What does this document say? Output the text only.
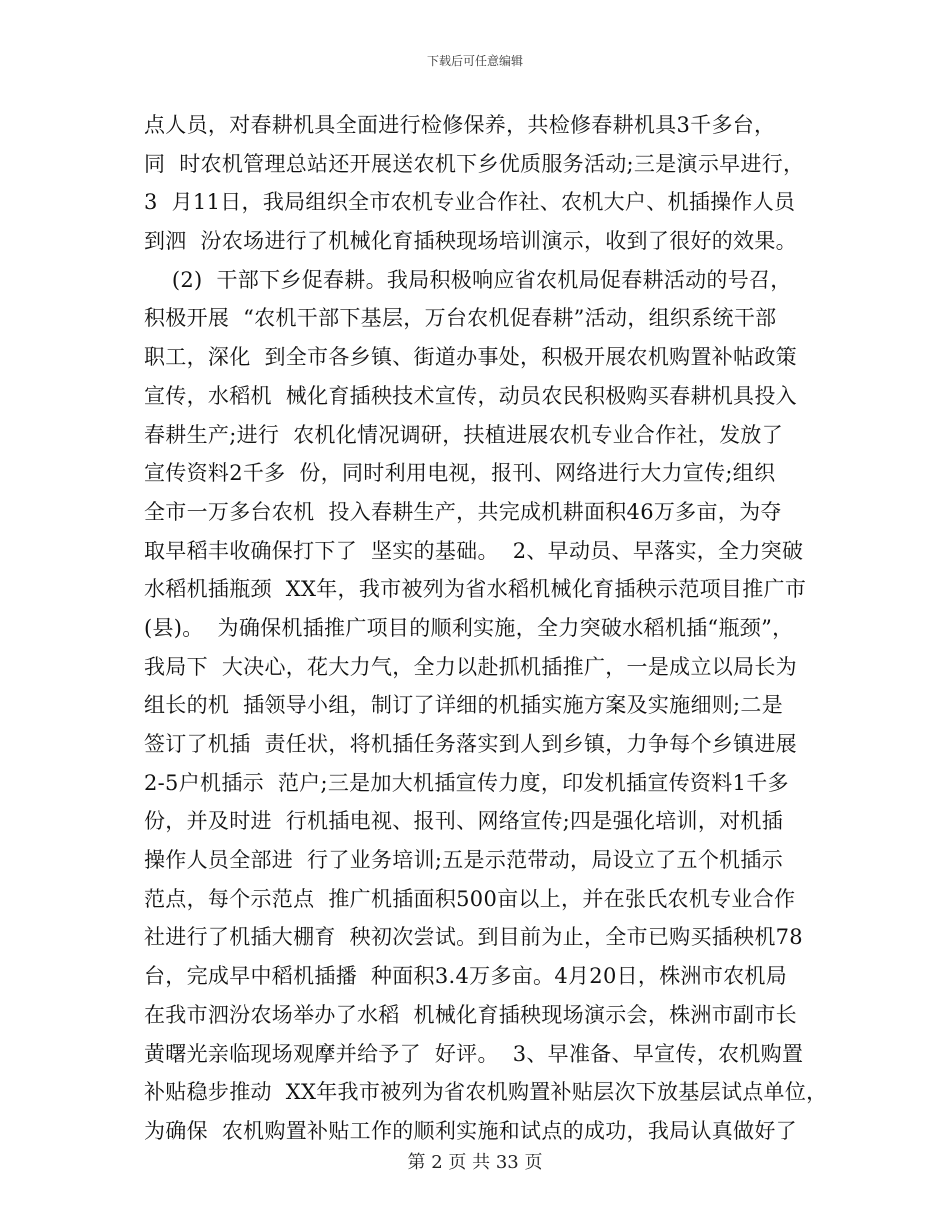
下载后可任意编辑
点人员，对春耕机具全面进行检修保养，共检修春耕机具3千多台，
同  时农机管理总站还开展送农机下乡优质服务活动;三是演示早进行，
3  月11日，我局组织全市农机专业合作社、农机大户、机插操作人员
到泗  汾农场进行了机械化育插秧现场培训演示，收到了很好的效果。
(2)  干部下乡促春耕。我局积极响应省农机局促春耕活动的号召，
积极开展  “农机干部下基层，万台农机促春耕”活动，组织系统干部
职工，深化  到全市各乡镇、街道办事处，积极开展农机购置补帖政策
宣传，水稻机  械化育插秧技术宣传，动员农民积极购买春耕机具投入
春耕生产;进行  农机化情况调研，扶植进展农机专业合作社，发放了
宣传资料2千多  份，同时利用电视，报刊、网络进行大力宣传;组织
全市一万多台农机  投入春耕生产，共完成机耕面积46万多亩，为夺
取早稻丰收确保打下了  坚实的基础。  2、早动员、早落实，全力突破
水稻机插瓶颈  XX年，我市被列为省水稻机械化育插秧示范项目推广市
(县)。  为确保机插推广项目的顺利实施，全力突破水稻机插“瓶颈”，
我局下  大决心，花大力气，全力以赴抓机插推广，一是成立以局长为
组长的机  插领导小组，制订了详细的机插实施方案及实施细则;二是
签订了机插  责任状，将机插任务落实到人到乡镇，力争每个乡镇进展
2-5户机插示  范户;三是加大机插宣传力度，印发机插宣传资料1千多
份，并及时进  行机插电视、报刊、网络宣传;四是强化培训，对机插
操作人员全部进  行了业务培训;五是示范带动，局设立了五个机插示
范点，每个示范点  推广机插面积500亩以上，并在张氏农机专业合作
社进行了机插大棚育  秧初次尝试。到目前为止，全市已购买插秧机78
台，完成早中稻机插播  种面积3.4万多亩。4月20日，株洲市农机局
在我市泗汾农场举办了水稻  机械化育插秧现场演示会，株洲市副市长
黄曙光亲临现场观摩并给予了  好评。  3、早准备、早宣传，农机购置
补贴稳步推动  XX年我市被列为省农机购置补贴层次下放基层试点单位，
为确保  农机购置补贴工作的顺利实施和试点的成功，我局认真做好了
第 2 页 共 33 页
